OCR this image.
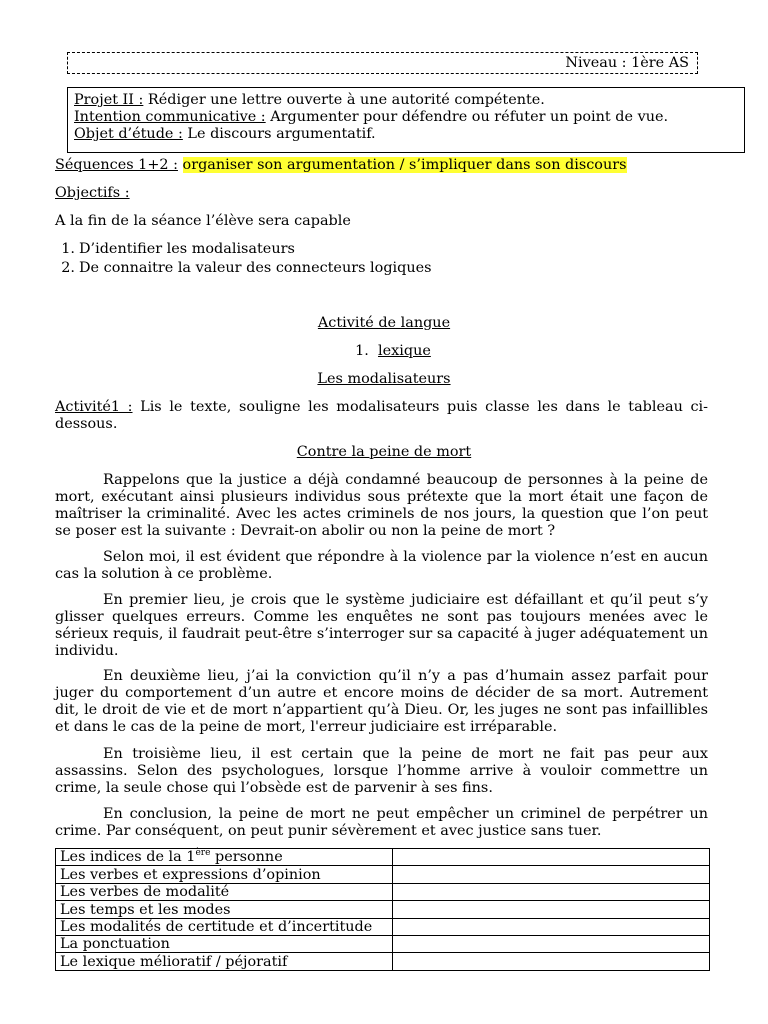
Niveau : 1ère AS
Projet II : Rédiger une lettre ouverte à une autorité compétente.
Intention communicative : Argumenter pour défendre ou réfuter un point de vue.
Objet d’étude : Le discours argumentatif.
Séquences 1+2 : organiser son argumentation / s’impliquer dans son discours
Objectifs :
A la fin de la séance l’élève sera capable
1. D’identifier les modalisateurs
2. De connaitre la valeur des connecteurs logiques
Activité de langue
1. lexique
Les modalisateurs
Activité1 : Lis le texte, souligne les modalisateurs puis classe les dans le tableau ci-dessous.
Contre la peine de mort
Rappelons que la justice a déjà condamné beaucoup de personnes à la peine de mort, exécutant ainsi plusieurs individus sous prétexte que la mort était une façon de maîtriser la criminalité. Avec les actes criminels de nos jours, la question que l’on peut se poser est la suivante : Devrait-on abolir ou non la peine de mort ?
Selon moi, il est évident que répondre à la violence par la violence n’est en aucun cas la solution à ce problème.
En premier lieu, je crois que le système judiciaire est défaillant et qu’il peut s’y glisser quelques erreurs. Comme les enquêtes ne sont pas toujours menées avec le sérieux requis, il faudrait peut-être s’interroger sur sa capacité à juger adéquatement un individu.
En deuxième lieu, j’ai la conviction qu’il n’y a pas d’humain assez parfait pour juger du comportement d’un autre et encore moins de décider de sa mort. Autrement dit, le droit de vie et de mort n’appartient qu’à Dieu. Or, les juges ne sont pas infaillibles et dans le cas de la peine de mort, l'erreur judiciaire est irréparable.
En troisième lieu, il est certain que la peine de mort ne fait pas peur aux assassins. Selon des psychologues, lorsque l’homme arrive à vouloir commettre un crime, la seule chose qui l’obsède est de parvenir à ses fins.
En conclusion, la peine de mort ne peut empêcher un criminel de perpétrer un crime. Par conséquent, on peut punir sévèrement et avec justice sans tuer.
Les indices de la 1ère personne	
Les verbes et expressions d’opinion	
Les verbes de modalité	
Les temps et les modes	
Les modalités de certitude et d’incertitude	
La ponctuation	
Le lexique mélioratif / péjoratif	
